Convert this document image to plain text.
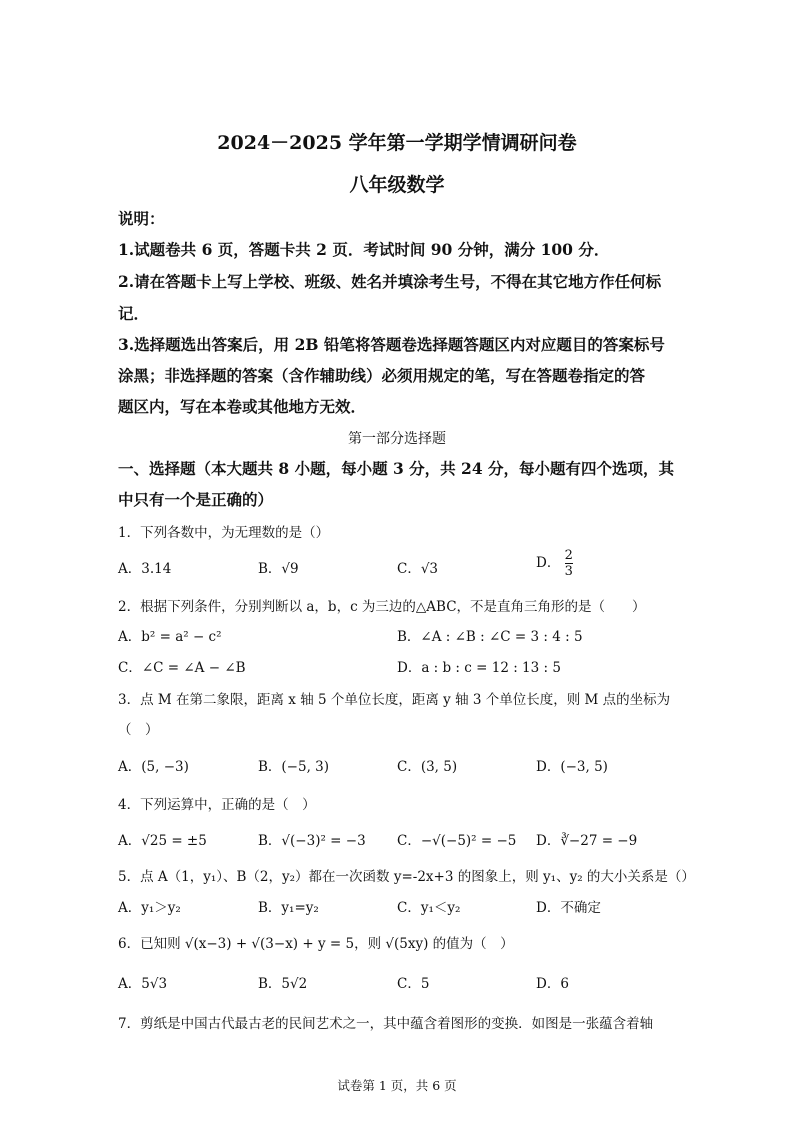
2024－2025 学年第一学期学情调研问卷
八年级数学
说明：
1.试题卷共 6 页，答题卡共 2 页．考试时间 90 分钟，满分 100 分．
2.请在答题卡上写上学校、班级、姓名并填涂考生号，不得在其它地方作任何标
记．
3.选择题选出答案后，用 2B 铅笔将答题卷选择题答题区内对应题目的答案标号
涂黑；非选择题的答案（含作辅助线）必须用规定的笔，写在答题卷指定的答
题区内，写在本卷或其他地方无效．
第一部分选择题
一、选择题（本大题共 8 小题，每小题 3 分，共 24 分，每小题有四个选项，其
中只有一个是正确的）
1．下列各数中，为无理数的是（）
A．3.14	B．√9	C．√3	D． $\frac{2}{3}$
2．根据下列条件，分别判断以 a，b，c 为三边的△ABC，不是直角三角形的是（　　）
A．b² = a² − c²	B．∠A : ∠B : ∠C = 3 : 4 : 5
C．∠C = ∠A − ∠B	D．a : b : c = 12 : 13 : 5
3．点 M 在第二象限，距离 x 轴 5 个单位长度，距离 y 轴 3 个单位长度，则 M 点的坐标为
（　）
A．(5, −3)	B．(−5, 3)	C．(3, 5)	D．(−3, 5)
4．下列运算中，正确的是（　）
A．√25 = ±5	B．√(−3)² = −3 C．−√(−5)² = −5 D．∛−27 = −9
5．点 A（1，y₁）、B（2，y₂）都在一次函数 y=-2x+3 的图象上，则 y₁、y₂ 的大小关系是（）
A．y₁＞y₂	B．y₁=y₂	C．y₁＜y₂	D．不确定
6．已知则 √(x−3) + √(3−x) + y = 5，则 √(5xy) 的值为（　）
A．5√3	B．5√2	C．5	D．6
7．剪纸是中国古代最古老的民间艺术之一，其中蕴含着图形的变换．如图是一张蕴含着轴
试卷第 1 页，共 6 页
